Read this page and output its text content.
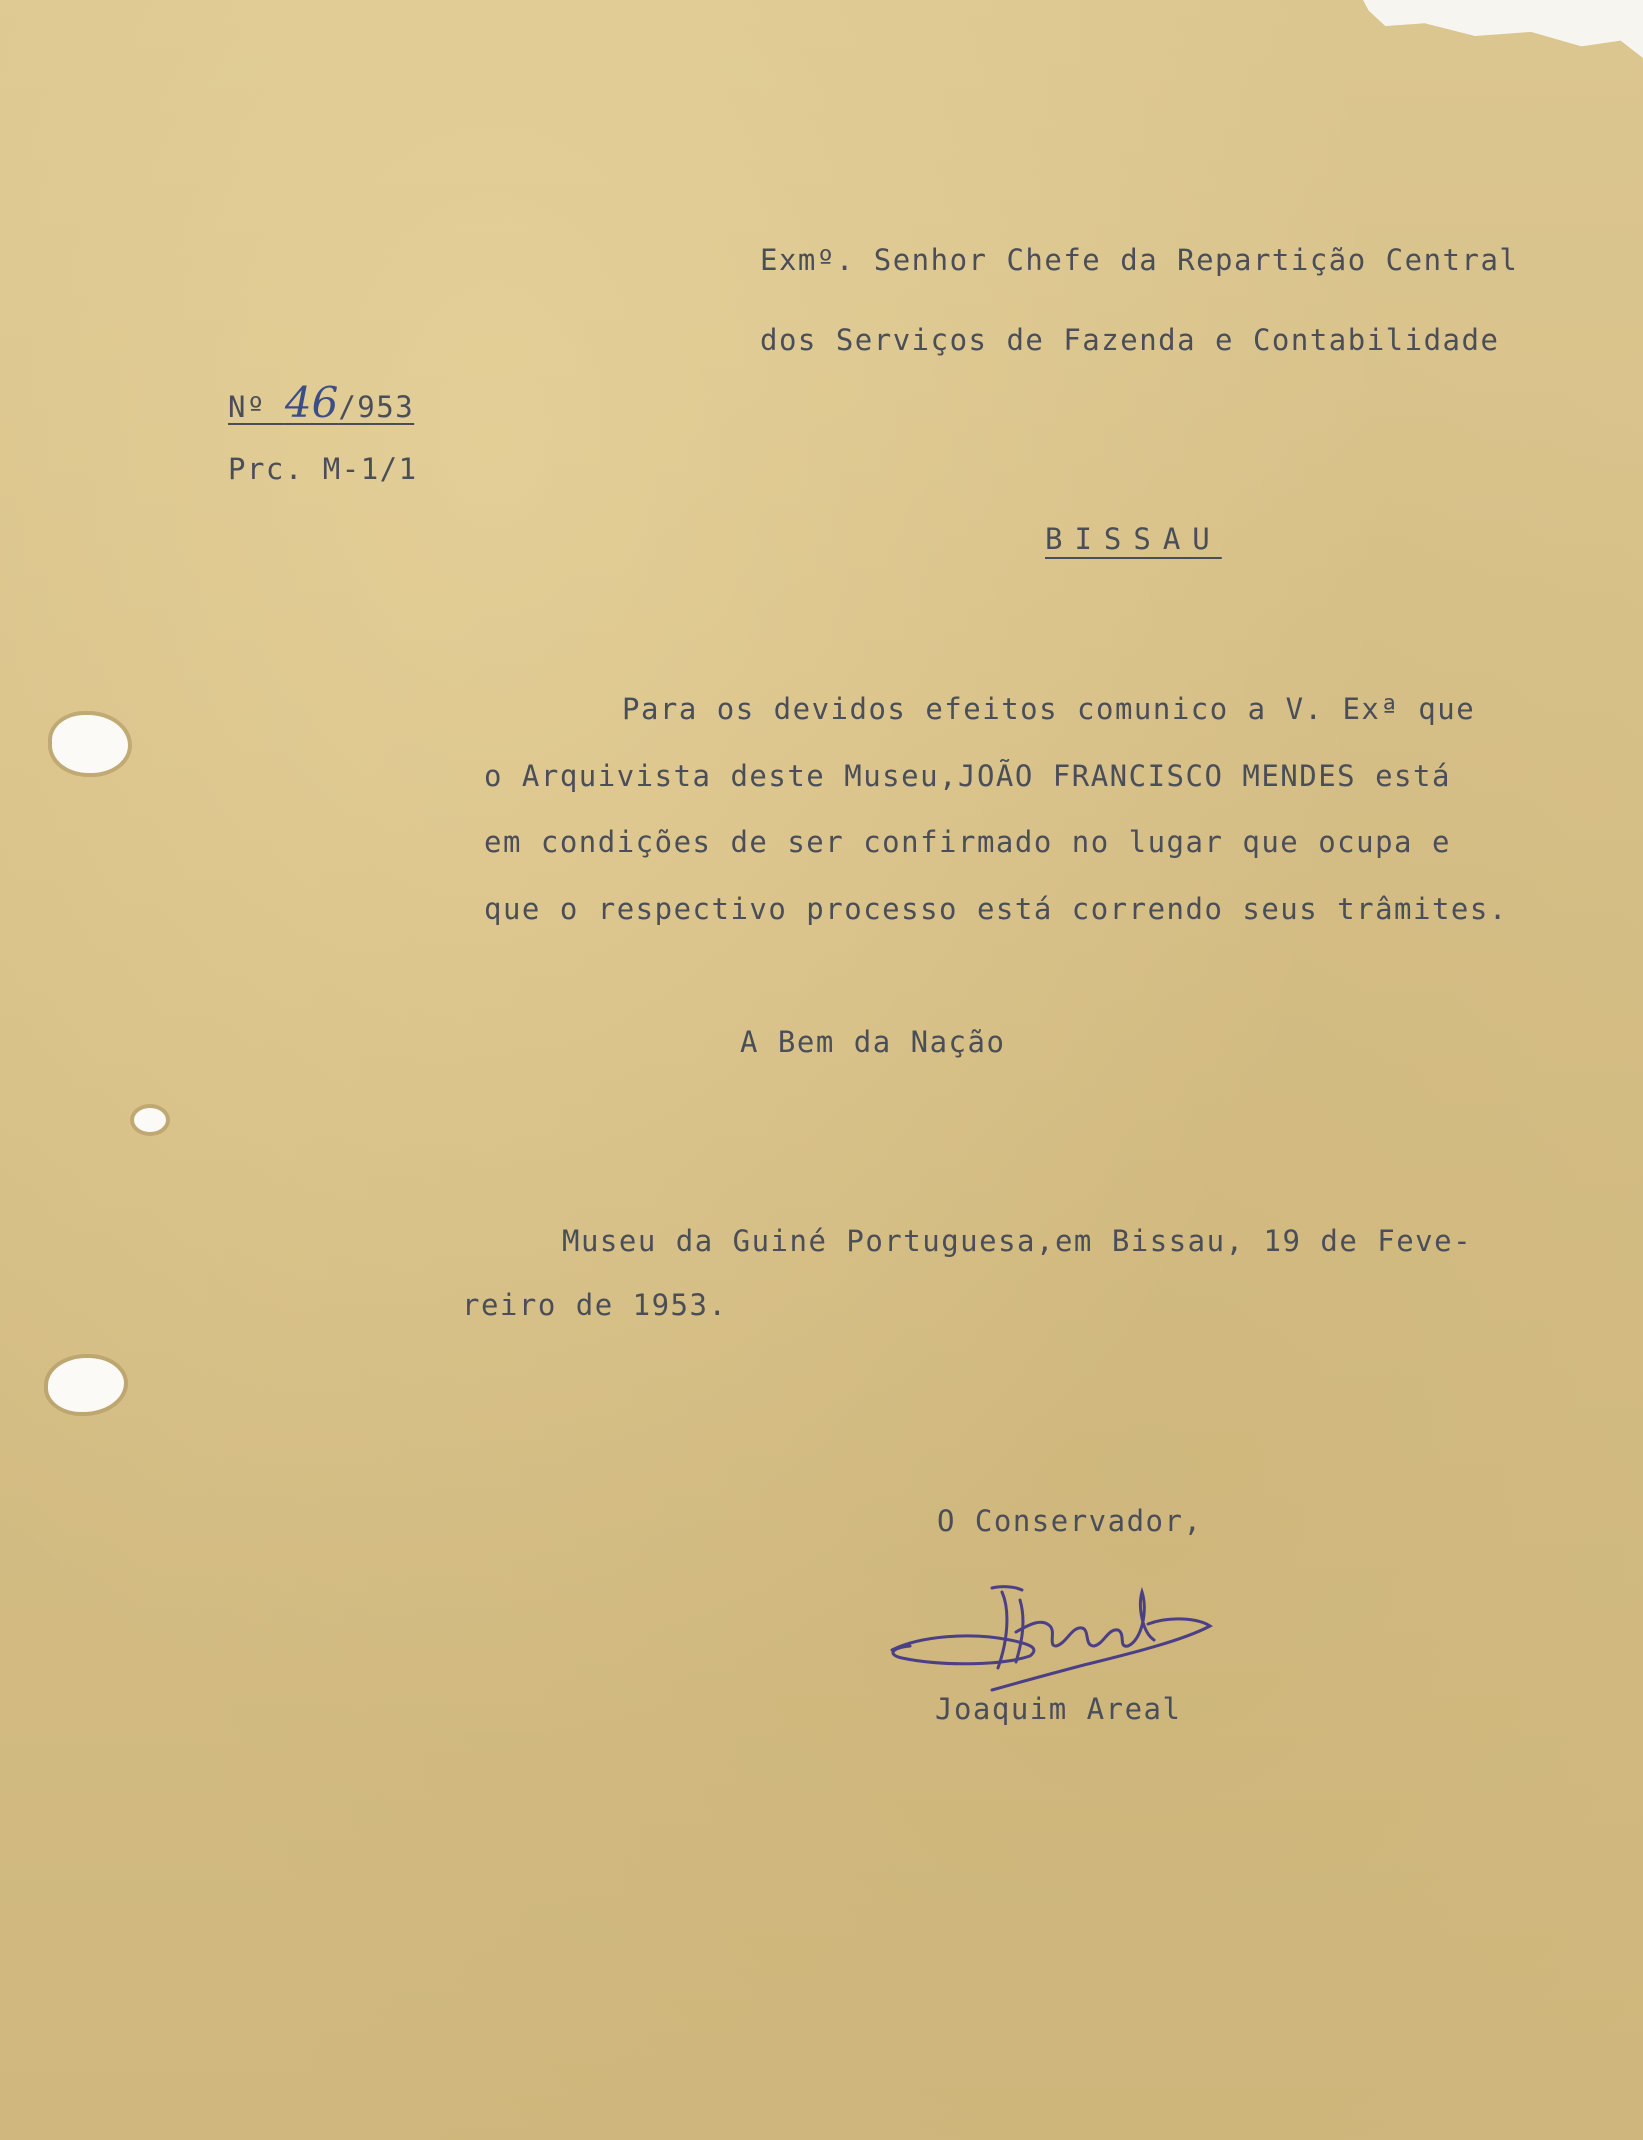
Exmº. Senhor Chefe da Repartição Central
dos Serviços de Fazenda e Contabilidade
Nº 46/953
Prc. M-1/1
BISSAU
Para os devidos efeitos comunico a V. Exª que
o Arquivista deste Museu,JOÃO FRANCISCO MENDES está
em condições de ser confirmado no lugar que ocupa e
que o respectivo processo está correndo seus trâmites.
A Bem da Nação
Museu da Guiné Portuguesa,em Bissau, 19 de Feve-
reiro de 1953.
O Conservador,
Joaquim Areal
